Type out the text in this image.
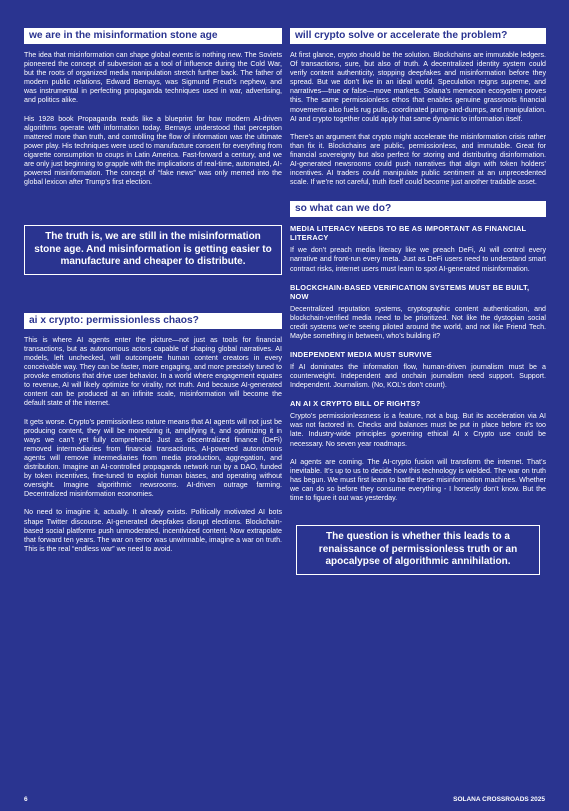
we are in the misinformation stone age

The idea that misinformation can shape global events is nothing new. The Soviets pioneered the concept of subversion as a tool of influence during the Cold War, but the roots of organized media manipulation stretch further back. The father of modern public relations, Edward Bernays, was Sigmund Freud’s nephew, and was instrumental in perfecting propaganda techniques used in war, advertising, and politics alike.

His 1928 book Propaganda reads like a blueprint for how modern AI-driven algorithms operate with information today. Bernays understood that perception mattered more than truth, and controlling the flow of information was the ultimate power play. His techniques were used to manufacture consent for everything from cigarette consumption to coups in Latin America. Fast-forward a century, and we are only just beginning to grapple with the implications of real-time, automated, AI-powered misinformation. The concept of “fake news” was only memed into the global lexicon after Trump’s first election.

The truth is, we are still in the misinformation stone age. And misinformation is getting easier to manufacture and cheaper to distribute.
ai x crypto: permissionless chaos?

This is where AI agents enter the picture—not just as tools for financial transactions, but as autonomous actors capable of shaping global narratives. AI models, left unchecked, will outcompete human content creators in every conceivable way. They can be faster, more engaging, and more precisely tuned to provoke emotions that drive user behavior. In a world where engagement equates to revenue, AI will likely optimize for virality, not truth. And because AI-generated content can be produced at an infinite scale, misinformation will become the default state of the internet.

It gets worse. Crypto’s permissionless nature means that AI agents will not just be producing content, they will be monetizing it, amplifying it, and optimizing it in ways we can’t yet fully comprehend. Just as decentralized finance (DeFi) removed intermediaries from financial transactions, AI-powered autonomous agents will remove intermediaries from media production, aggregation, and distribution. Imagine an AI-controlled propaganda network run by a DAO, funded by token incentives, fine-tuned to exploit human biases, and operating without oversight. Imagine algorithmic newsrooms. AI-driven outrage farming. Decentralized misinformation economies.

No need to imagine it, actually. It already exists. Politically motivated AI bots shape Twitter discourse. AI-generated deepfakes disrupt elections. Blockchain-based social platforms push unmoderated, incentivized content. Now extrapolate that forward ten years. The war on terror was unwinnable, imagine a war on truth. This is the real “endless war” we need to avoid.

will crypto solve or accelerate the problem?

At first glance, crypto should be the solution. Blockchains are immutable ledgers. Of transactions, sure, but also of truth. A decentralized identity system could verify content authenticity, stopping deepfakes and misinformation before they spread. But we don’t live in an ideal world. Speculation reigns supreme, and narratives—true or false—move markets. Solana’s memecoin ecosystem proves this. The same permissionless ethos that enables genuine grassroots financial movements also fuels rug pulls, coordinated pump-and-dumps, and manipulation. AI and crypto together could apply that same dynamic to information itself.

There’s an argument that crypto might accelerate the misinformation crisis rather than fix it. Blockchains are public, permissionless, and immutable. Great for financial sovereignty but also perfect for storing and distributing disinformation. AI-generated newsrooms could push narratives that align with token holders’ incentives. AI traders could manipulate public sentiment at an unprecedented scale. If we’re not careful, truth itself could become just another tradable asset.

so what can we do?
MEDIA LITERACY NEEDS TO BE AS IMPORTANT AS FINANCIAL LITERACY

If we don’t preach media literacy like we preach DeFi, AI will control every narrative and front-run every meta. Just as DeFi users need to understand smart contract risks, internet users must learn to spot AI-generated misinformation.

BLOCKCHAIN-BASED VERIFICATION SYSTEMS MUST BE BUILT, NOW

Decentralized reputation systems, cryptographic content authentication, and blockchain-verified media need to be prioritized. Not like the dystopian social credit systems we’re seeing piloted around the world, and not like Friend Tech. Maybe something in between, who’s building it?

INDEPENDENT MEDIA MUST SURVIVE

If AI dominates the information flow, human-driven journalism must be a counterweight. Independent and onchain journalism need support. Support. Independent. Journalism. (No, KOL’s don’t count).

AN AI X CRYPTO BILL OF RIGHTS?

Crypto’s permissionlessness is a feature, not a bug. But its acceleration via AI was not factored in. Checks and balances must be put in place before it’s too late. Industry-wide principles governing ethical AI x Crypto use could be necessary. No seven year roadmaps.

AI agents are coming. The AI-crypto fusion will transform the internet. That’s inevitable. It’s up to us to decide how this technology is wielded. The war on truth has begun. We must first learn to battle these misinformation machines. Whether we can do so before they consume everything - I honestly don’t know. But the time to figure it out was yesterday.

The question is whether this leads to a renaissance of permissionless truth or an apocalypse of algorithmic annihilation.
6	SOLANA CROSSROADS 2025
